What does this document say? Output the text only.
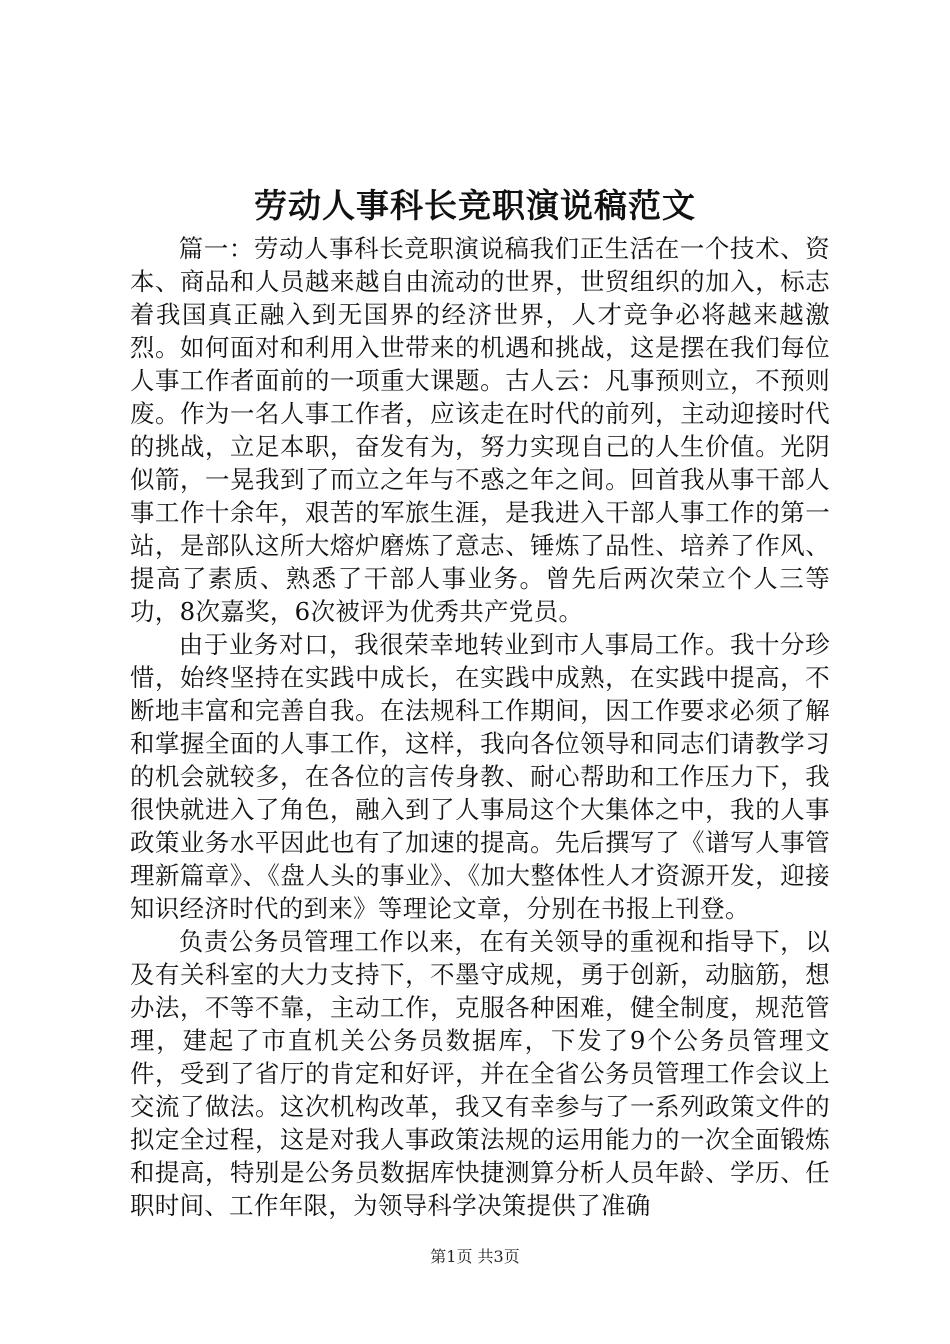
劳动人事科长竞职演说稿范文

篇一：劳动人事科长竞职演说稿我们正生活在一个技术、资本、商品和人员越来越自由流动的世界，世贸组织的加入，标志着我国真正融入到无国界的经济世界，人才竞争必将越来越激烈。如何面对和利用入世带来的机遇和挑战，这是摆在我们每位人事工作者面前的一项重大课题。古人云：凡事预则立，不预则废。作为一名人事工作者，应该走在时代的前列，主动迎接时代的挑战，立足本职，奋发有为，努力实现自己的人生价值。光阴似箭，一晃我到了而立之年与不惑之年之间。回首我从事干部人事工作十余年，艰苦的军旅生涯，是我进入干部人事工作的第一站，是部队这所大熔炉磨炼了意志、锤炼了品性、培养了作风、提高了素质、熟悉了干部人事业务。曾先后两次荣立个人三等功，8次嘉奖，6次被评为优秀共产党员。

由于业务对口，我很荣幸地转业到市人事局工作。我十分珍惜，始终坚持在实践中成长，在实践中成熟，在实践中提高，不断地丰富和完善自我。在法规科工作期间，因工作要求必须了解和掌握全面的人事工作，这样，我向各位领导和同志们请教学习的机会就较多，在各位的言传身教、耐心帮助和工作压力下，我很快就进入了角色，融入到了人事局这个大集体之中，我的人事政策业务水平因此也有了加速的提高。先后撰写了《谱写人事管理新篇章》、《盘人头的事业》、《加大整体性人才资源开发，迎接知识经济时代的到来》等理论文章，分别在书报上刊登。

负责公务员管理工作以来，在有关领导的重视和指导下，以及有关科室的大力支持下，不墨守成规，勇于创新，动脑筋，想办法，不等不靠，主动工作，克服各种困难，健全制度，规范管理，建起了市直机关公务员数据库，下发了9个公务员管理文件，受到了省厅的肯定和好评，并在全省公务员管理工作会议上交流了做法。这次机构改革，我又有幸参与了一系列政策文件的拟定全过程，这是对我人事政策法规的运用能力的一次全面锻炼和提高，特别是公务员数据库快捷测算分析人员年龄、学历、任职时间、工作年限，为领导科学决策提供了准确

第1页 共3页
